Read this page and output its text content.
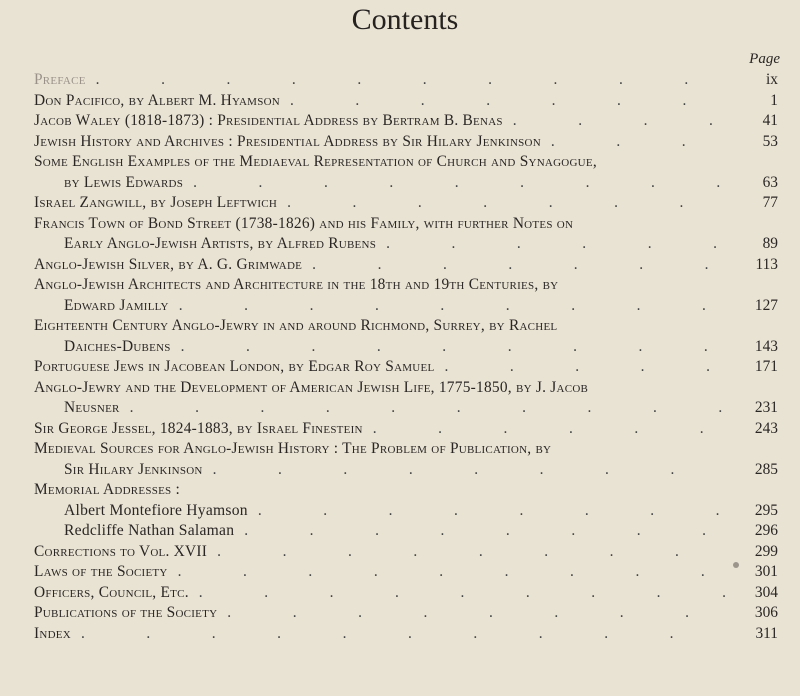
Contents
Page
Preface .	ix
Don Pacifico, by Albert M. Hyamson .	1
Jacob Waley (1818-1873) : Presidential Address by Bertram B. Benas .	41
Jewish History and Archives : Presidential Address by Sir Hilary Jenkinson .	53
Some English Examples of the Mediaeval Representation of Church and Synagogue,
by Lewis Edwards .	63
Israel Zangwill, by Joseph Leftwich .	77
Francis Town of Bond Street (1738-1826) and his Family, with further Notes on
Early Anglo-Jewish Artists, by Alfred Rubens .	89
Anglo-Jewish Silver, by A. G. Grimwade .	113
Anglo-Jewish Architects and Architecture in the 18th and 19th Centuries, by
Edward Jamilly .	127
Eighteenth Century Anglo-Jewry in and around Richmond, Surrey, by Rachel
Daiches-Dubens .	143
Portuguese Jews in Jacobean London, by Edgar Roy Samuel .	171
Anglo-Jewry and the Development of American Jewish Life, 1775-1850, by J. Jacob
Neusner .	231
Sir George Jessel, 1824-1883, by Israel Finestein .	243
Medieval Sources for Anglo-Jewish History : The Problem of Publication, by
Sir Hilary Jenkinson .	285
Memorial Addresses :
Albert Montefiore Hyamson .	295
Redcliffe Nathan Salaman .	296
Corrections to Vol. XVII .	299
Laws of the Society .	301
Officers, Council, Etc. .	304
Publications of the Society .	306
Index .	311
